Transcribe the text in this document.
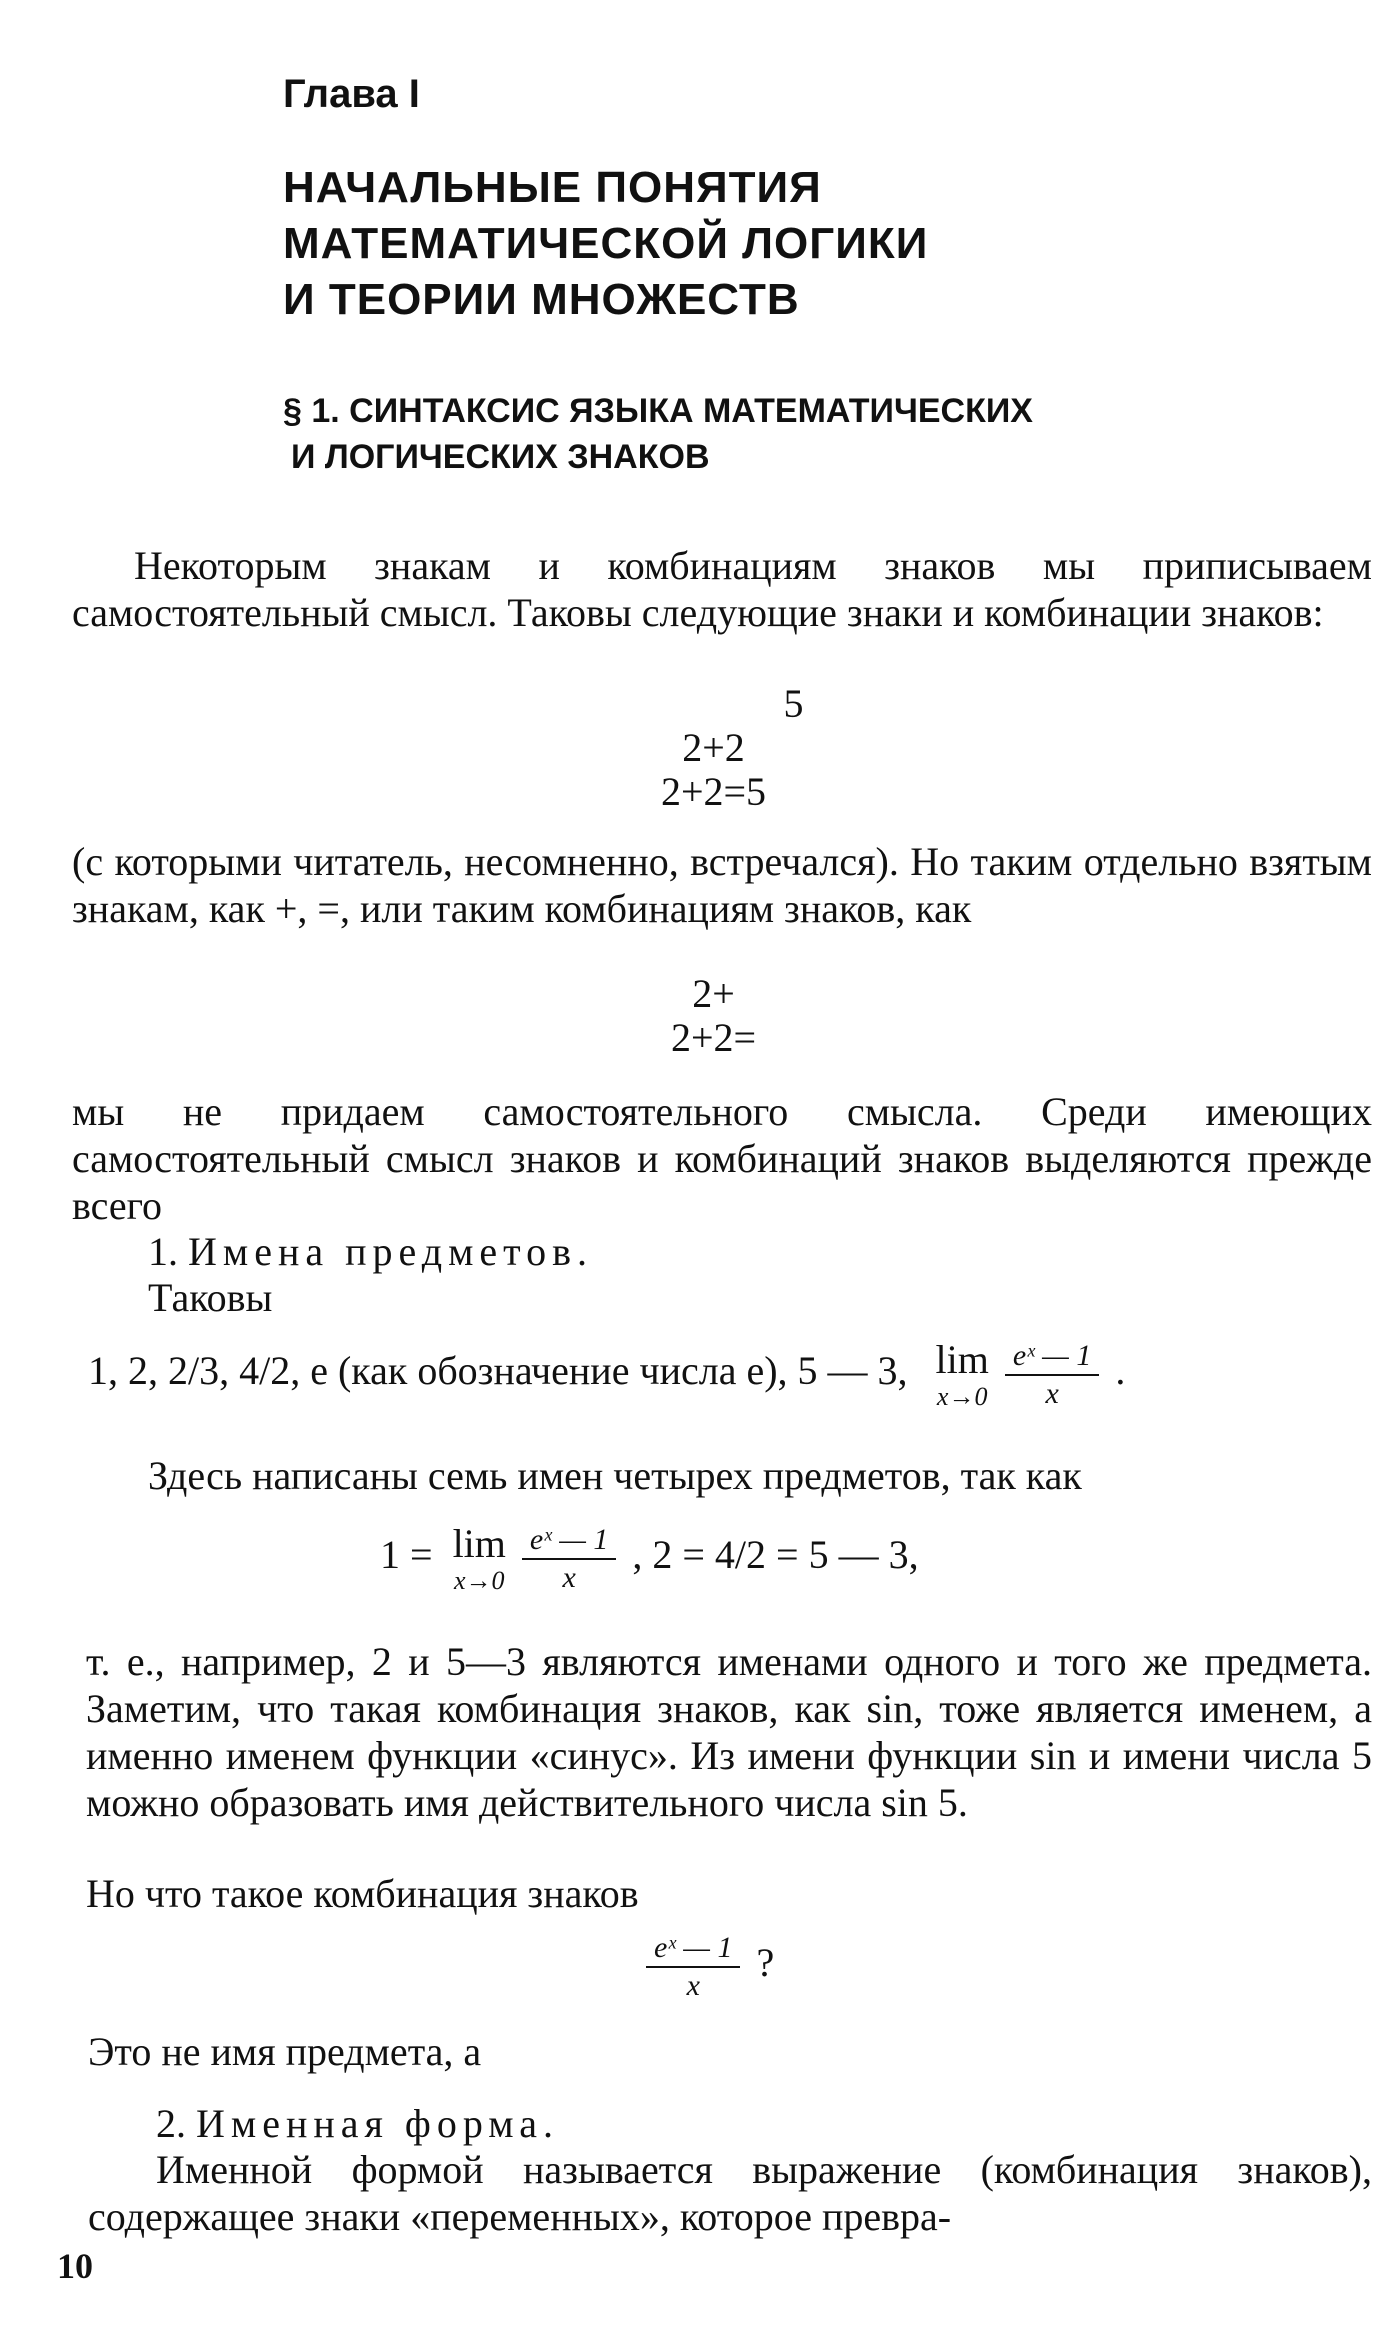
Глава I
НАЧАЛЬНЫЕ ПОНЯТИЯ
МАТЕМАТИЧЕСКОЙ ЛОГИКИ
И ТЕОРИИ МНОЖЕСТВ
§ 1. СИНТАКСИС ЯЗЫКА МАТЕМАТИЧЕСКИХ
И ЛОГИЧЕСКИХ ЗНАКОВ
Некоторым знакам и комбинациям знаков мы приписываем самостоятельный смысл. Таковы следующие знаки и комбинации знаков:
5
2+2
2+2=5
(с которыми читатель, несомненно, встречался). Но таким отдельно взятым знакам, как +, =, или таким комбинациям знаков, как
2+
2+2=
мы не придаем самостоятельного смысла. Среди имеющих самостоятельный смысл знаков и комбинаций знаков выделяются прежде всего
1. Имена предметов.
Таковы
1, 2, 2/3, 4/2, e (как обозначение числа e), 5 — 3, lim
x→0
$\frac{\text{eˣ — 1}}{x}$ .
Здесь написаны семь имен четырех предметов, так как
1 = lim
x→0
$\frac{\text{eˣ — 1}}{x}$ , 2 = 4/2 = 5 — 3,
т. е., например, 2 и 5—3 являются именами одного и того же предмета. Заметим, что такая комбинация знаков, как sin, тоже является именем, а именно именем функции «синус». Из имени функции sin и имени числа 5 можно образовать имя действительного числа sin 5.
Но что такое комбинация знаков
$\frac{\text{eˣ — 1}}{x}$ ?
Это не имя предмета, а
2. Именная форма.
Именной формой называется выражение (комбинация знаков), содержащее знаки «переменных», которое превра-
10
